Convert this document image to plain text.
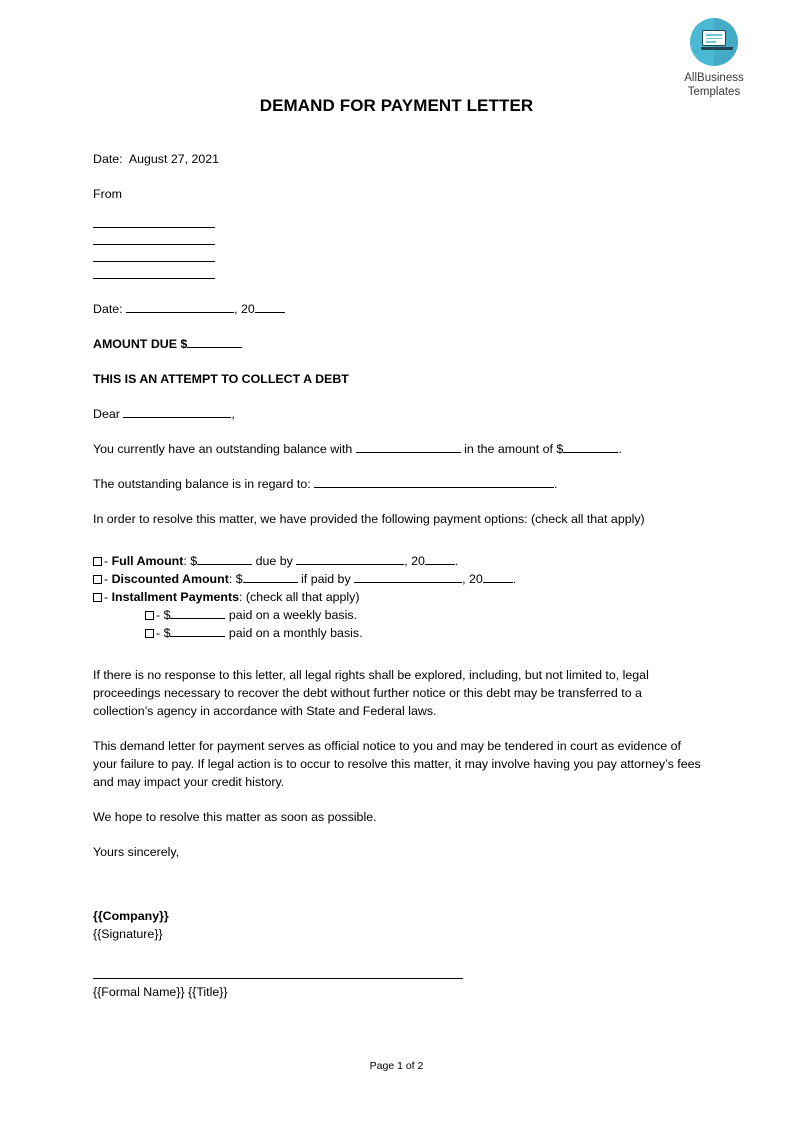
AllBusiness
Templates
DEMAND FOR PAYMENT LETTER
Date: August 27, 2021
From
Date:	, 20
AMOUNT DUE $
THIS IS AN ATTEMPT TO COLLECT A DEBT
Dear	,
You currently have an outstanding balance with	in the amount of $	.
The outstanding balance is in regard to:	.
In order to resolve this matter, we have provided the following payment options: (check all that apply)
- Full Amount: $	due by	, 20 .
- Discounted Amount: $	if paid by	, 20 .
- Installment Payments: (check all that apply)
- $	paid on a weekly basis.
- $	paid on a monthly basis.

If there is no response to this letter, all legal rights shall be explored, including, but not limited to, legal proceedings necessary to recover the debt without further notice or this debt may be transferred to a collection’s agency in accordance with State and Federal laws.

This demand letter for payment serves as official notice to you and may be tendered in court as evidence of your failure to pay. If legal action is to occur to resolve this matter, it may involve having you pay attorney’s fees and may impact your credit history.

We hope to resolve this matter as soon as possible.

Yours sincerely,

{{Company}}
{{Signature}}
{{Formal Name}} {{Title}}
Page 1 of 2
